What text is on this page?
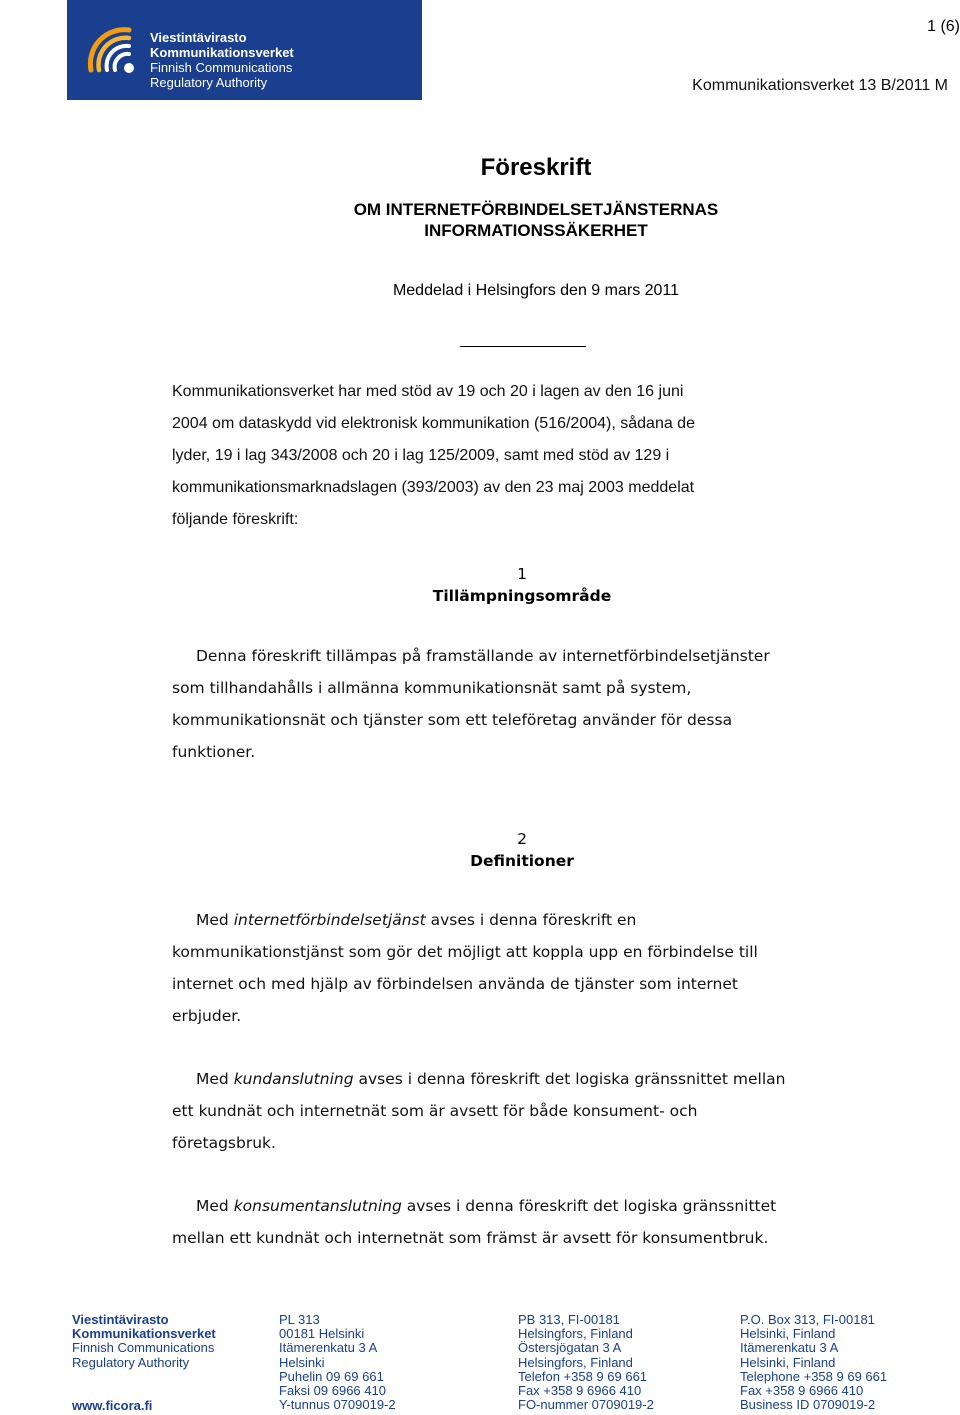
Viestintävirasto
Kommunikationsverket
Finnish Communications
Regulatory Authority
1 (6)
Kommunikationsverket 13 B/2011 M
Föreskrift
OM INTERNETFÖRBINDELSETJÄNSTERNAS
INFORMATIONSSÄKERHET
Meddelad i Helsingfors den 9 mars 2011
Kommunikationsverket har med stöd av 19 och 20 i lagen av den 16 juni
2004 om dataskydd vid elektronisk kommunikation (516/2004), sådana de
lyder, 19 i lag 343/2008 och 20 i lag 125/2009, samt med stöd av 129 i
kommunikationsmarknadslagen (393/2003) av den 23 maj 2003 meddelat
följande föreskrift:
1
Tillämpningsområde
Denna föreskrift tillämpas på framställande av internetförbindelsetjänster
som tillhandahålls i allmänna kommunikationsnät samt på system,
kommunikationsnät och tjänster som ett teleföretag använder för dessa
funktioner.
2
Definitioner
Med internetförbindelsetjänst avses i denna föreskrift en
kommunikationstjänst som gör det möjligt att koppla upp en förbindelse till
internet och med hjälp av förbindelsen använda de tjänster som internet
erbjuder.
Med kundanslutning avses i denna föreskrift det logiska gränssnittet mellan
ett kundnät och internetnät som är avsett för både konsument- och
företagsbruk.
Med konsumentanslutning avses i denna föreskrift det logiska gränssnittet
mellan ett kundnät och internetnät som främst är avsett för konsumentbruk.
Viestintävirasto
Kommunikationsverket
Finnish Communications
Regulatory Authority
www.ficora.fi
PL 313
00181 Helsinki
Itämerenkatu 3 A
Helsinki
Puhelin 09 69 661
Faksi 09 6966 410
Y-tunnus 0709019-2
PB 313, FI-00181
Helsingfors, Finland
Östersjögatan 3 A
Helsingfors, Finland
Telefon +358 9 69 661
Fax +358 9 6966 410
FO-nummer 0709019-2
P.O. Box 313, FI-00181
Helsinki, Finland
Itämerenkatu 3 A
Helsinki, Finland
Telephone +358 9 69 661
Fax +358 9 6966 410
Business ID 0709019-2
